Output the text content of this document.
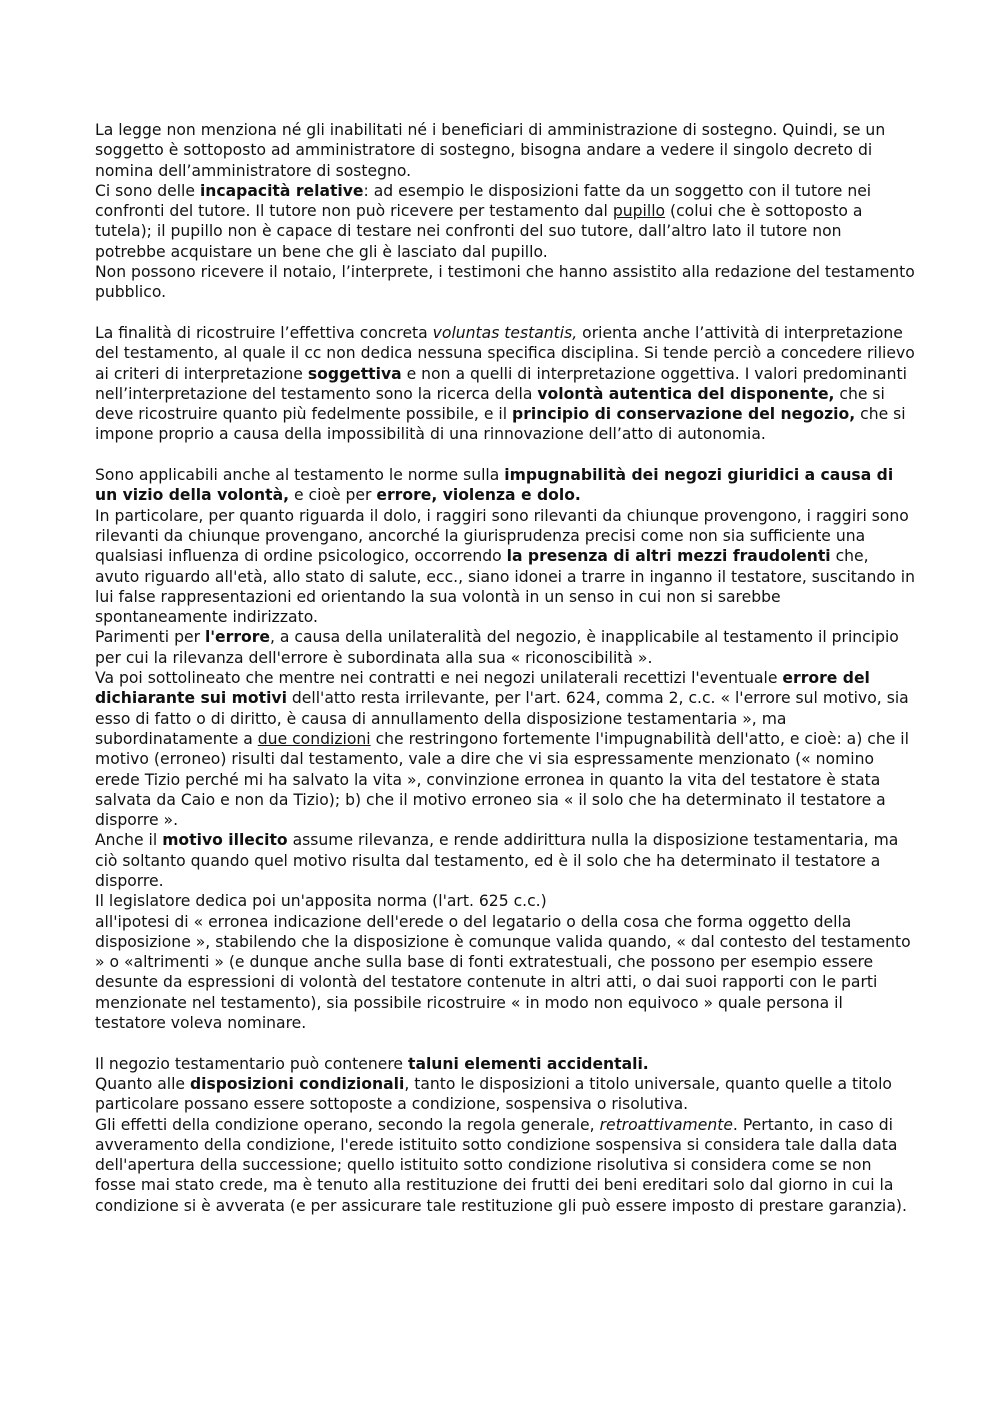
La legge non menziona né gli inabilitati né i beneficiari di amministrazione di sostegno. Quindi, se un soggetto è sottoposto ad amministratore di sostegno, bisogna andare a vedere il singolo decreto di nomina dell’amministratore di sostegno.

Ci sono delle incapacità relative: ad esempio le disposizioni fatte da un soggetto con il tutore nei confronti del tutore. Il tutore non può ricevere per testamento dal pupillo (colui che è sottoposto a tutela); il pupillo non è capace di testare nei confronti del suo tutore, dall’altro lato il tutore non potrebbe acquistare un bene che gli è lasciato dal pupillo.

Non possono ricevere il notaio, l’interprete, i testimoni che hanno assistito alla redazione del testamento pubblico.

La finalità di ricostruire l’effettiva concreta voluntas testantis, orienta anche l’attività di interpretazione del testamento, al quale il cc non dedica nessuna specifica disciplina. Si tende perciò a concedere rilievo ai criteri di interpretazione soggettiva e non a quelli di interpretazione oggettiva. I valori predominanti nell’interpretazione del testamento sono la ricerca della volontà autentica del disponente, che si deve ricostruire quanto più fedelmente possibile, e il principio di conservazione del negozio, che si impone proprio a causa della impossibilità di una rinnovazione dell’atto di autonomia.

Sono applicabili anche al testamento le norme sulla impugnabilità dei negozi giuridici a causa di un vizio della volontà, e cioè per errore, violenza e dolo.

In particolare, per quanto riguarda il dolo, i raggiri sono rilevanti da chiunque provengono, i raggiri sono rilevanti da chiunque provengano, ancorché la giurisprudenza precisi come non sia sufficiente una qualsiasi influenza di ordine psicologico, occorrendo la presenza di altri mezzi fraudolenti che, avuto riguardo all'età, allo stato di salute, ecc., siano idonei a trarre in inganno il testatore, suscitando in lui false rappresentazioni ed orientando la sua volontà in un senso in cui non si sarebbe spontaneamente indirizzato.

Parimenti per l'errore, a causa della unilateralità del negozio, è inapplicabile al testamento il principio per cui la rilevanza dell'errore è subordinata alla sua « riconoscibilità ».

Va poi sottolineato che mentre nei contratti e nei negozi unilaterali recettizi l'eventuale errore del dichiarante sui motivi dell'atto resta irrilevante, per l'art. 624, comma 2, c.c. « l'errore sul motivo, sia esso di fatto o di diritto, è causa di annullamento della disposizione testamentaria », ma subordinatamente a due condizioni che restringono fortemente l'impugnabilità dell'atto, e cioè: a) che il motivo (erroneo) risulti dal testamento, vale a dire che vi sia espressamente menzionato (« nomino erede Tizio perché mi ha salvato la vita », convinzione erronea in quanto la vita del testatore è stata salvata da Caio e non da Tizio); b) che il motivo erroneo sia « il solo che ha determinato il testatore a disporre ».

Anche il motivo illecito assume rilevanza, e rende addirittura nulla la disposizione testamentaria, ma ciò soltanto quando quel motivo risulta dal testamento, ed è il solo che ha determinato il testatore a disporre.

Il legislatore dedica poi un'apposita norma (l'art. 625 c.c.)

all'ipotesi di « erronea indicazione dell'erede o del legatario o della cosa che forma oggetto della disposizione », stabilendo che la disposizione è comunque valida quando, « dal contesto del testamento » o «altrimenti » (e dunque anche sulla base di fonti extratestuali, che possono per esempio essere desunte da espressioni di volontà del testatore contenute in altri atti, o dai suoi rapporti con le parti menzionate nel testamento), sia possibile ricostruire « in modo non equivoco » quale persona il testatore voleva nominare.

Il negozio testamentario può contenere taluni elementi accidentali.

Quanto alle disposizioni condizionali, tanto le disposizioni a titolo universale, quanto quelle a titolo particolare possano essere sottoposte a condizione, sospensiva o risolutiva.

Gli effetti della condizione operano, secondo la regola generale, retroattivamente. Pertanto, in caso di avveramento della condizione, l'erede istituito sotto condizione sospensiva si considera tale dalla data dell'apertura della successione; quello istituito sotto condizione risolutiva si considera come se non fosse mai stato crede, ma è tenuto alla restituzione dei frutti dei beni ereditari solo dal giorno in cui la condizione si è avverata (e per assicurare tale restituzione gli può essere imposto di prestare garanzia).
